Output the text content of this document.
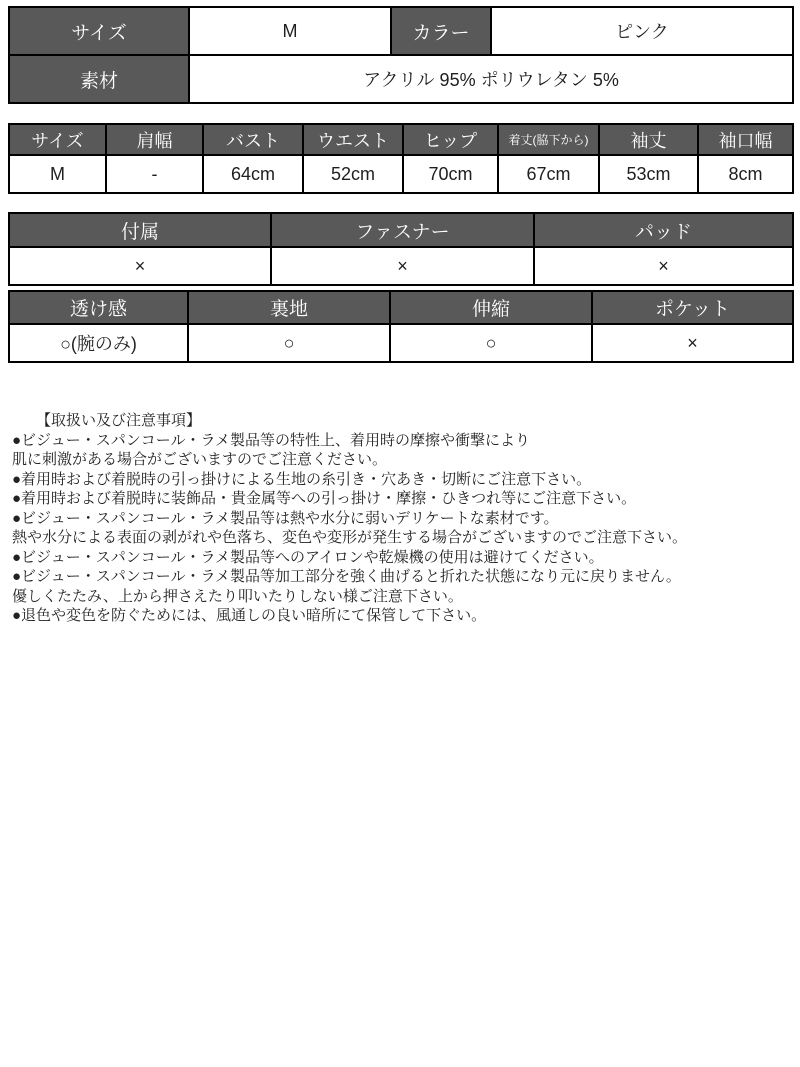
サイズ	M	カラー	ピンク
素材	アクリル 95% ポリウレタン 5%		
サイズ	肩幅	バスト	ウエスト	ヒップ	着丈(脇下から)	袖丈	袖口幅
M	-	64cm	52cm	70cm	67cm	53cm	8cm
付属	ファスナー	パッド
×	×	×
透け感	裏地	伸縮	ポケット
○(腕のみ)	○	○	×
【取扱い及び注意事項】
●ビジュー・スパンコール・ラメ製品等の特性上、着用時の摩擦や衝撃により
肌に刺激がある場合がございますのでご注意ください。
●着用時および着脱時の引っ掛けによる生地の糸引き・穴あき・切断にご注意下さい。
●着用時および着脱時に装飾品・貴金属等への引っ掛け・摩擦・ひきつれ等にご注意下さい。
●ビジュー・スパンコール・ラメ製品等は熱や水分に弱いデリケートな素材です。
熱や水分による表面の剥がれや色落ち、変色や変形が発生する場合がございますのでご注意下さい。
●ビジュー・スパンコール・ラメ製品等へのアイロンや乾燥機の使用は避けてください。
●ビジュー・スパンコール・ラメ製品等加工部分を強く曲げると折れた状態になり元に戻りません。
優しくたたみ、上から押さえたり叩いたりしない様ご注意下さい。
●退色や変色を防ぐためには、風通しの良い暗所にて保管して下さい。
